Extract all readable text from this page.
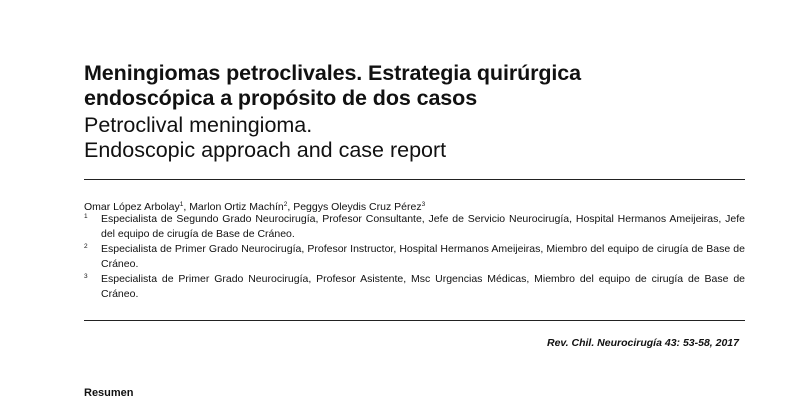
Meningiomas petroclivales. Estrategia quirúrgica
endoscópica a propósito de dos casos
Petroclival meningioma.
Endoscopic approach and case report
Omar López Arbolay$^1$, Marlon Ortiz Machín$^2$, Peggys Oleydis Cruz Pérez$^3$
1 Especialista de Segundo Grado Neurocirugía, Profesor Consultante, Jefe de Servicio Neurocirugía, Hospital Hermanos Ameijeiras, Jefe del equipo de cirugía de Base de Cráneo.
2 Especialista de Primer Grado Neurocirugía, Profesor Instructor, Hospital Hermanos Ameijeiras, Miembro del equipo de cirugía de Base de Cráneo.
3 Especialista de Primer Grado Neurocirugía, Profesor Asistente, Msc Urgencias Médicas, Miembro del equipo de cirugía de Base de Cráneo.
Rev. Chil. Neurocirugía 43: 53-58, 2017
Resumen
